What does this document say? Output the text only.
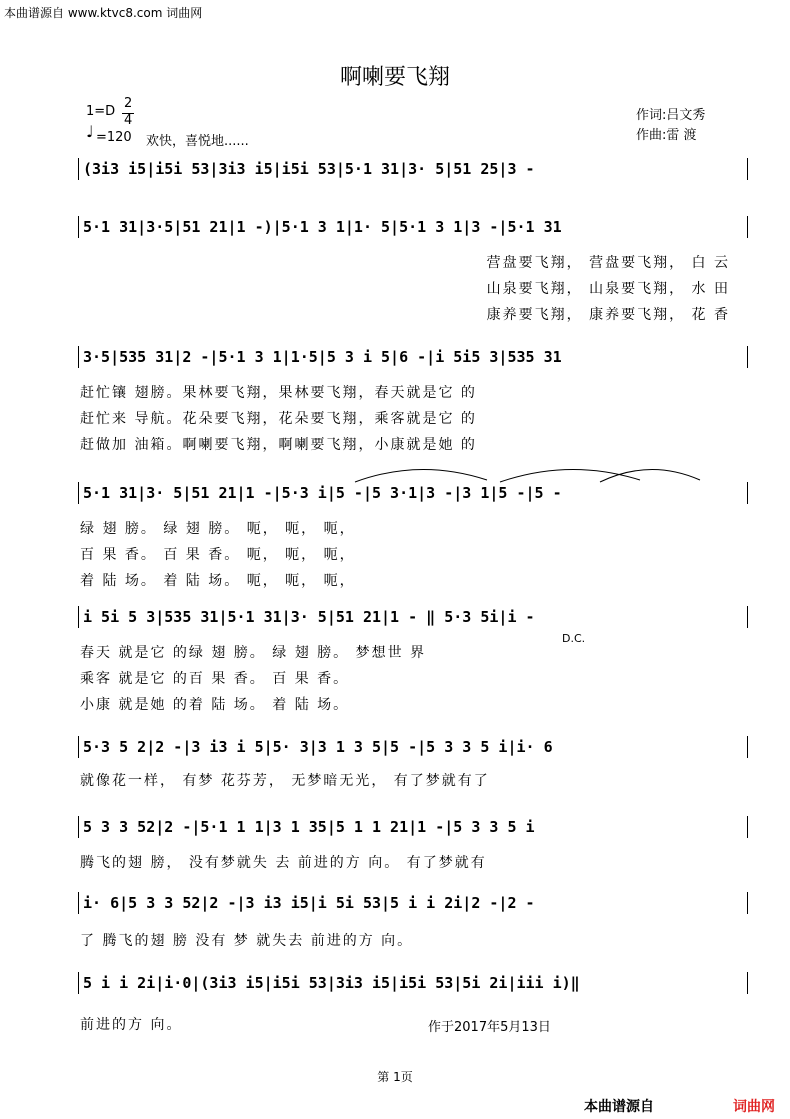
本曲谱源自 www.ktvc8.com 词曲网
啊喇要飞翔
1=D
2
4
♩ =120 欢快，喜悦地......
作词:吕文秀
作曲:雷 渡
(3i3 i5|i5i 53|3i3 i5|i5i 53|5·1 31|3· 5|51 25|3 -
5·1 31|3·5|51 21|1 -)|5·1 3 1|1· 5|5·1 3 1|3 -|5·1 31
营盘要飞翔， 营盘要飞翔， 白 云
山泉要飞翔， 山泉要飞翔， 水 田
康养要飞翔， 康养要飞翔， 花 香
3·5|535 31|2 -|5·1 3 1|1·5|5 3 i 5|6 -|i 5i5 3|535 31
赶忙镶 翅膀。果林要飞翔，果林要飞翔，春天就是它 的
赶忙来 导航。花朵要飞翔，花朵要飞翔，乘客就是它 的
赶做加 油箱。啊喇要飞翔，啊喇要飞翔，小康就是她 的
5·1 31|3· 5|51 21|1 -|5·3 i|5 -|5 3·1|3 -|3 1|5 -|5 -
绿 翅 膀。 绿 翅 膀。 呃， 呃， 呃，
百 果 香。 百 果 香。 呃， 呃， 呃，
着 陆 场。 着 陆 场。 呃， 呃， 呃，
i 5i 5 3|535 31|5·1 31|3· 5|51 21|1 - ‖ 5·3 5i|i -
D.C.
春天 就是它 的绿 翅 膀。 绿 翅 膀。 梦想世 界
乘客 就是它 的百 果 香。 百 果 香。
小康 就是她 的着 陆 场。 着 陆 场。
5·3 5 2|2 -|3 i3 i 5|5· 3|3 1 3 5|5 -|5 3 3 5 i|i· 6
就像花一样， 有梦 花芬芳， 无梦暗无光， 有了梦就有了
5 3 3 52|2 -|5·1 1 1|3 1 35|5 1 1 21|1 -|5 3 3 5 i
腾飞的翅 膀， 没有梦就失 去 前进的方 向。 有了梦就有
i· 6|5 3 3 52|2 -|3 i3 i5|i 5i 53|5 i i 2i|2 -|2 -
了 腾飞的翅 膀 没有 梦 就失去 前进的方 向。
5 i i 2i|i·0|(3i3 i5|i5i 53|3i3 i5|i5i 53|5i 2i|iii i)‖
前进的方 向。	作于2017年5月13日
第 1页
本曲谱源自	词曲网
